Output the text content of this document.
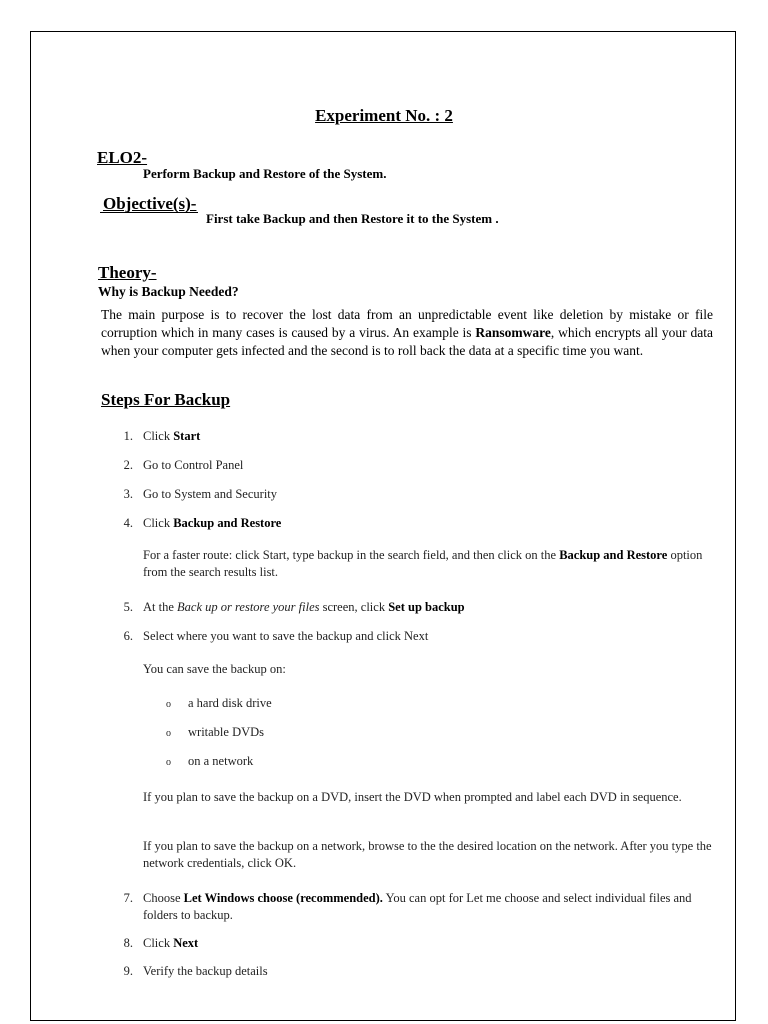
Experiment No. : 2
ELO2-
Perform Backup and Restore of the System.
Objective(s)-
First take Backup and then Restore it to the System .
Theory-
Why is Backup Needed?
The main purpose is to recover the lost data from an unpredictable event like deletion by mistake or file corruption which in many cases is caused by a virus. An example is Ransomware, which encrypts all your data when your computer gets infected and the second is to roll back the data at a specific time you want.
Steps For Backup
1. Click Start
2. Go to Control Panel
3. Go to System and Security
4. Click Backup and Restore
For a faster route: click Start, type backup in the search field, and then click on the Backup and Restore option from the search results list.
5. At the Back up or restore your files screen, click Set up backup
6. Select where you want to save the backup and click Next
You can save the backup on:
o a hard disk drive
o writable DVDs
o on a network
If you plan to save the backup on a DVD, insert the DVD when prompted and label each DVD in sequence.
If you plan to save the backup on a network, browse to the the desired location on the network. After you type the network credentials, click OK.
7. Choose Let Windows choose (recommended). You can opt for Let me choose and select individual files and folders to backup.
8. Click Next
9. Verify the backup details
